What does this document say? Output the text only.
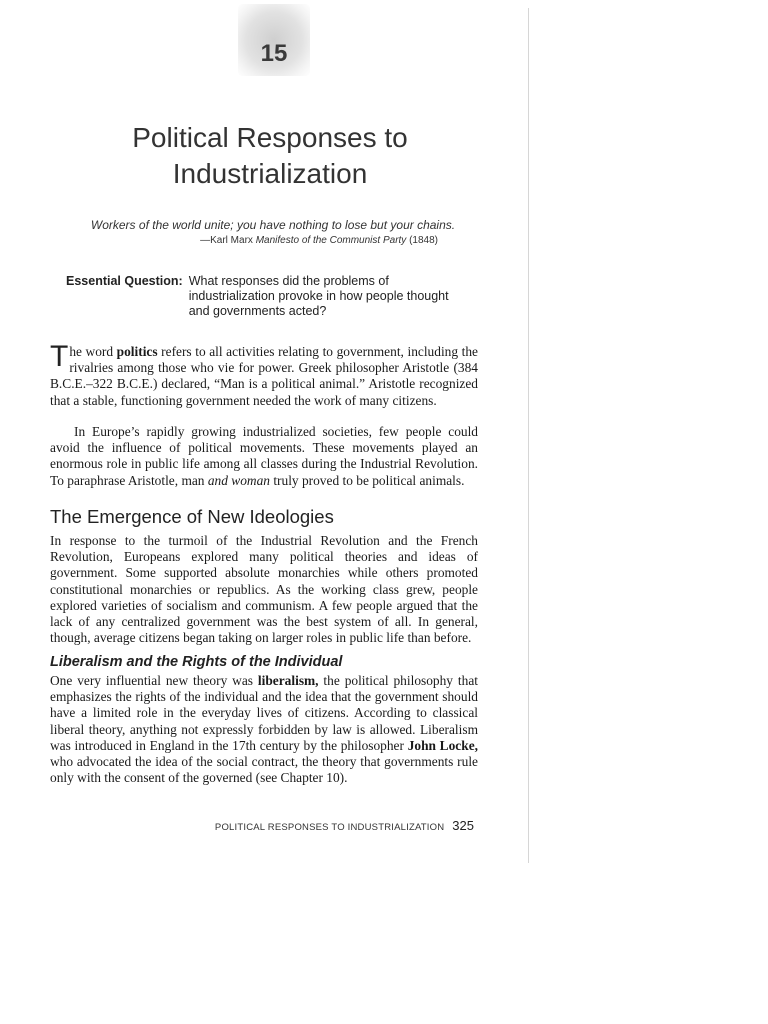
15
Political Responses to
Industrialization

Workers of the world unite; you have nothing to lose but your chains.

—Karl Marx Manifesto of the Communist Party (1848)

Essential Question: What responses did the problems of industrialization provoke in how people thought and governments acted?

The word politics refers to all activities relating to government, including the rivalries among those who vie for power. Greek philosopher Aristotle (384 B.C.E.–322 B.C.E.) declared, “Man is a political animal.” Aristotle recognized that a stable, functioning government needed the work of many citizens.

In Europe’s rapidly growing industrialized societies, few people could avoid the influence of political movements. These movements played an enormous role in public life among all classes during the Industrial Revolution. To paraphrase Aristotle, man and woman truly proved to be political animals.

The Emergence of New Ideologies

In response to the turmoil of the Industrial Revolution and the French Revolution, Europeans explored many political theories and ideas of government. Some supported absolute monarchies while others promoted constitutional monarchies or republics. As the working class grew, people explored varieties of socialism and communism. A few people argued that the lack of any centralized government was the best system of all. In general, though, average citizens began taking on larger roles in public life than before.

Liberalism and the Rights of the Individual

One very influential new theory was liberalism, the political philosophy that emphasizes the rights of the individual and the idea that the government should have a limited role in the everyday lives of citizens. According to classical liberal theory, anything not expressly forbidden by law is allowed. Liberalism was introduced in England in the 17th century by the philosopher John Locke, who advocated the idea of the social contract, the theory that governments rule only with the consent of the governed (see Chapter 10).

POLITICAL RESPONSES TO INDUSTRIALIZATION 325
